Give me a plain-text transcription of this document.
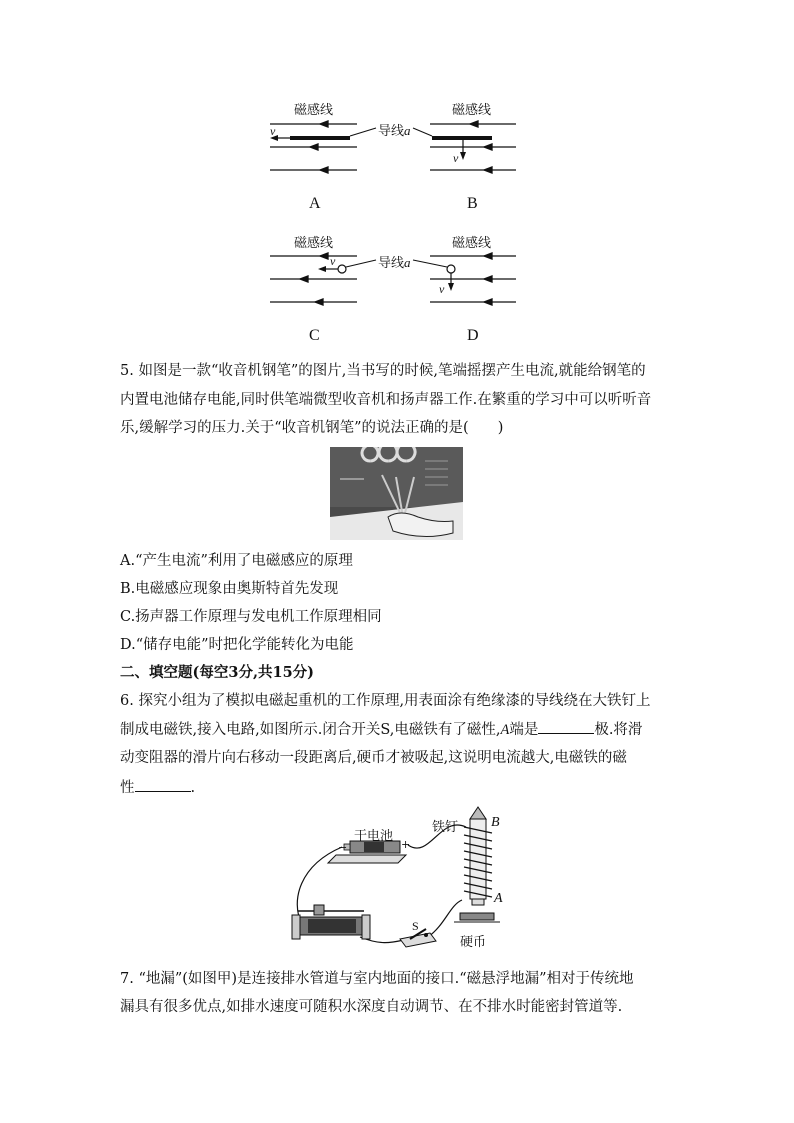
磁感线	磁感线
导线a
v
v
A	B
磁感线	磁感线
导线a
v
v
C	D
5. 如图是一款“收音机钢笔”的图片,当书写的时候,笔端摇摆产生电流,就能给钢笔的
内置电池储存电能,同时供笔端微型收音机和扬声器工作.在繁重的学习中可以听听音
乐,缓解学习的压力.关于“收音机钢笔”的说法正确的是(　　)
A.“产生电流”利用了电磁感应的原理
B.电磁感应现象由奥斯特首先发现
C.扬声器工作原理与发电机工作原理相同
D.“储存电能”时把化学能转化为电能
二、填空题(每空3分,共15分)
6. 探究小组为了模拟电磁起重机的工作原理,用表面涂有绝缘漆的导线绕在大铁钉上
制成电磁铁,接入电路,如图所示.闭合开关S,电磁铁有了磁性,A端是	极.将滑
动变阻器的滑片向右移动一段距离后,硬币才被吸起,这说明电流越大,电磁铁的磁
性	.
干电池
−	+
铁钉 B
A
S
硬币
7. “地漏”(如图甲)是连接排水管道与室内地面的接口.“磁悬浮地漏”相对于传统地
漏具有很多优点,如排水速度可随积水深度自动调节、在不排水时能密封管道等.
